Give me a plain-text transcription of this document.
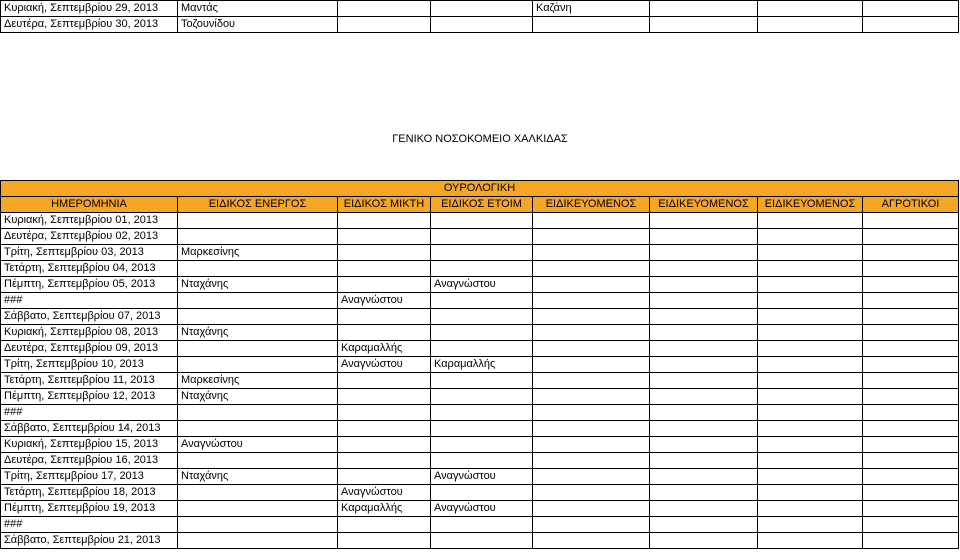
Κυριακή, Σεπτεμβρίου 29, 2013	Μαντάς			Καζάνη			
Δευτέρα, Σεπτεμβρίου 30, 2013	Τοζουνίδου						
ΓΕΝΙΚΟ ΝΟΣΟΚΟΜΕΙΟ ΧΑΛΚΙΔΑΣ
ΟΥΡΟΛΟΓΙΚΗ							
ΗΜΕΡΟΜΗΝΙΑ	ΕΙΔΙΚΟΣ ΕΝΕΡΓΟΣ	ΕΙΔΙΚΟΣ ΜΙΚΤΗ	ΕΙΔΙΚΟΣ ΕΤΟΙΜ	ΕΙΔΙΚΕΥΟΜΕΝΟΣ	ΕΙΔΙΚΕΥΟΜΕΝΟΣ	ΕΙΔΙΚΕΥΟΜΕΝΟΣ	ΑΓΡΟΤΙΚΟΙ
Κυριακή, Σεπτεμβρίου 01, 2013							
Δευτέρα, Σεπτεμβρίου 02, 2013							
Τρίτη, Σεπτεμβρίου 03, 2013	Μαρκεσίνης						
Τετάρτη, Σεπτεμβρίου 04, 2013							
Πέμπτη, Σεπτεμβρίου 05, 2013	Νταχάνης		Αναγνώστου				
###		Αναγνώστου					
Σάββατο, Σεπτεμβρίου 07, 2013							
Κυριακή, Σεπτεμβρίου 08, 2013	Νταχάνης						
Δευτέρα, Σεπτεμβρίου 09, 2013		Καραμαλλής					
Τρίτη, Σεπτεμβρίου 10, 2013		Αναγνώστου	Καραμαλλής				
Τετάρτη, Σεπτεμβρίου 11, 2013	Μαρκεσίνης						
Πέμπτη, Σεπτεμβρίου 12, 2013	Νταχάνης						
###							
Σάββατο, Σεπτεμβρίου 14, 2013							
Κυριακή, Σεπτεμβρίου 15, 2013	Αναγνώστου						
Δευτέρα, Σεπτεμβρίου 16, 2013							
Τρίτη, Σεπτεμβρίου 17, 2013	Νταχάνης		Αναγνώστου				
Τετάρτη, Σεπτεμβρίου 18, 2013		Αναγνώστου					
Πέμπτη, Σεπτεμβρίου 19, 2013		Καραμαλλής	Αναγνώστου				
###							
Σάββατο, Σεπτεμβρίου 21, 2013							
